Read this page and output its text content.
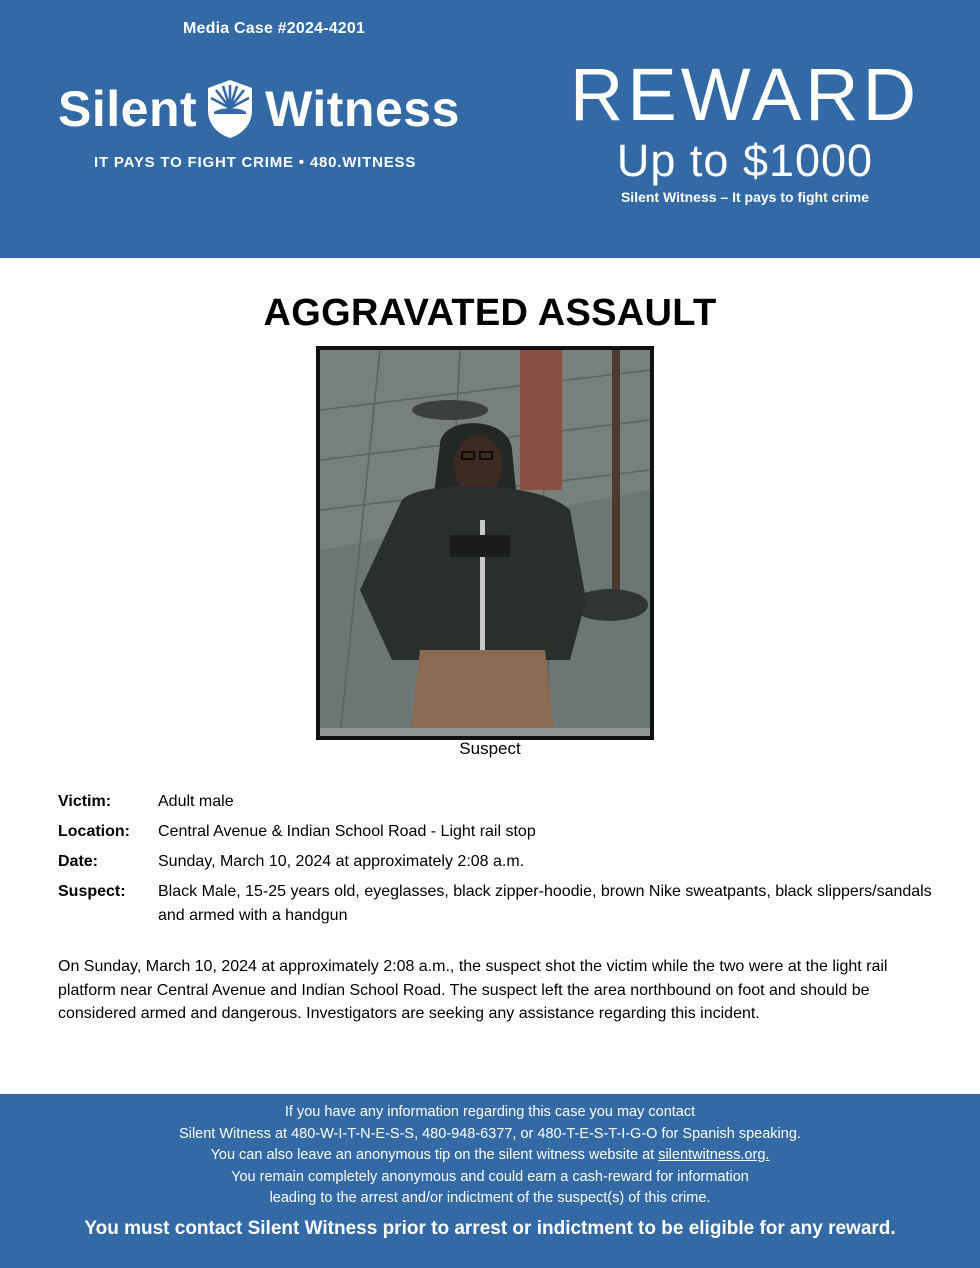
Media Case #2024-4201
Silent Witness
IT PAYS TO FIGHT CRIME • 480.WITNESS
REWARD
Up to $1000
Silent Witness – It pays to fight crime
AGGRAVATED ASSAULT
Suspect
Victim:	Adult male
Location:	Central Avenue & Indian School Road - Light rail stop
Date:	Sunday, March 10, 2024 at approximately 2:08 a.m.
Suspect:	Black Male, 15-25 years old, eyeglasses, black zipper-hoodie, brown Nike sweatpants, black slippers/sandals and armed with a handgun

On Sunday, March 10, 2024 at approximately 2:08 a.m., the suspect shot the victim while the two were at the light rail platform near Central Avenue and Indian School Road. The suspect left the area northbound on foot and should be considered armed and dangerous. Investigators are seeking any assistance regarding this incident.

If you have any information regarding this case you may contact
Silent Witness at 480-W-I-T-N-E-S-S, 480-948-6377, or 480-T-E-S-T-I-G-O for Spanish speaking.
You can also leave an anonymous tip on the silent witness website at silentwitness.org.
You remain completely anonymous and could earn a cash-reward for information
leading to the arrest and/or indictment of the suspect(s) of this crime.
You must contact Silent Witness prior to arrest or indictment to be eligible for any reward.
